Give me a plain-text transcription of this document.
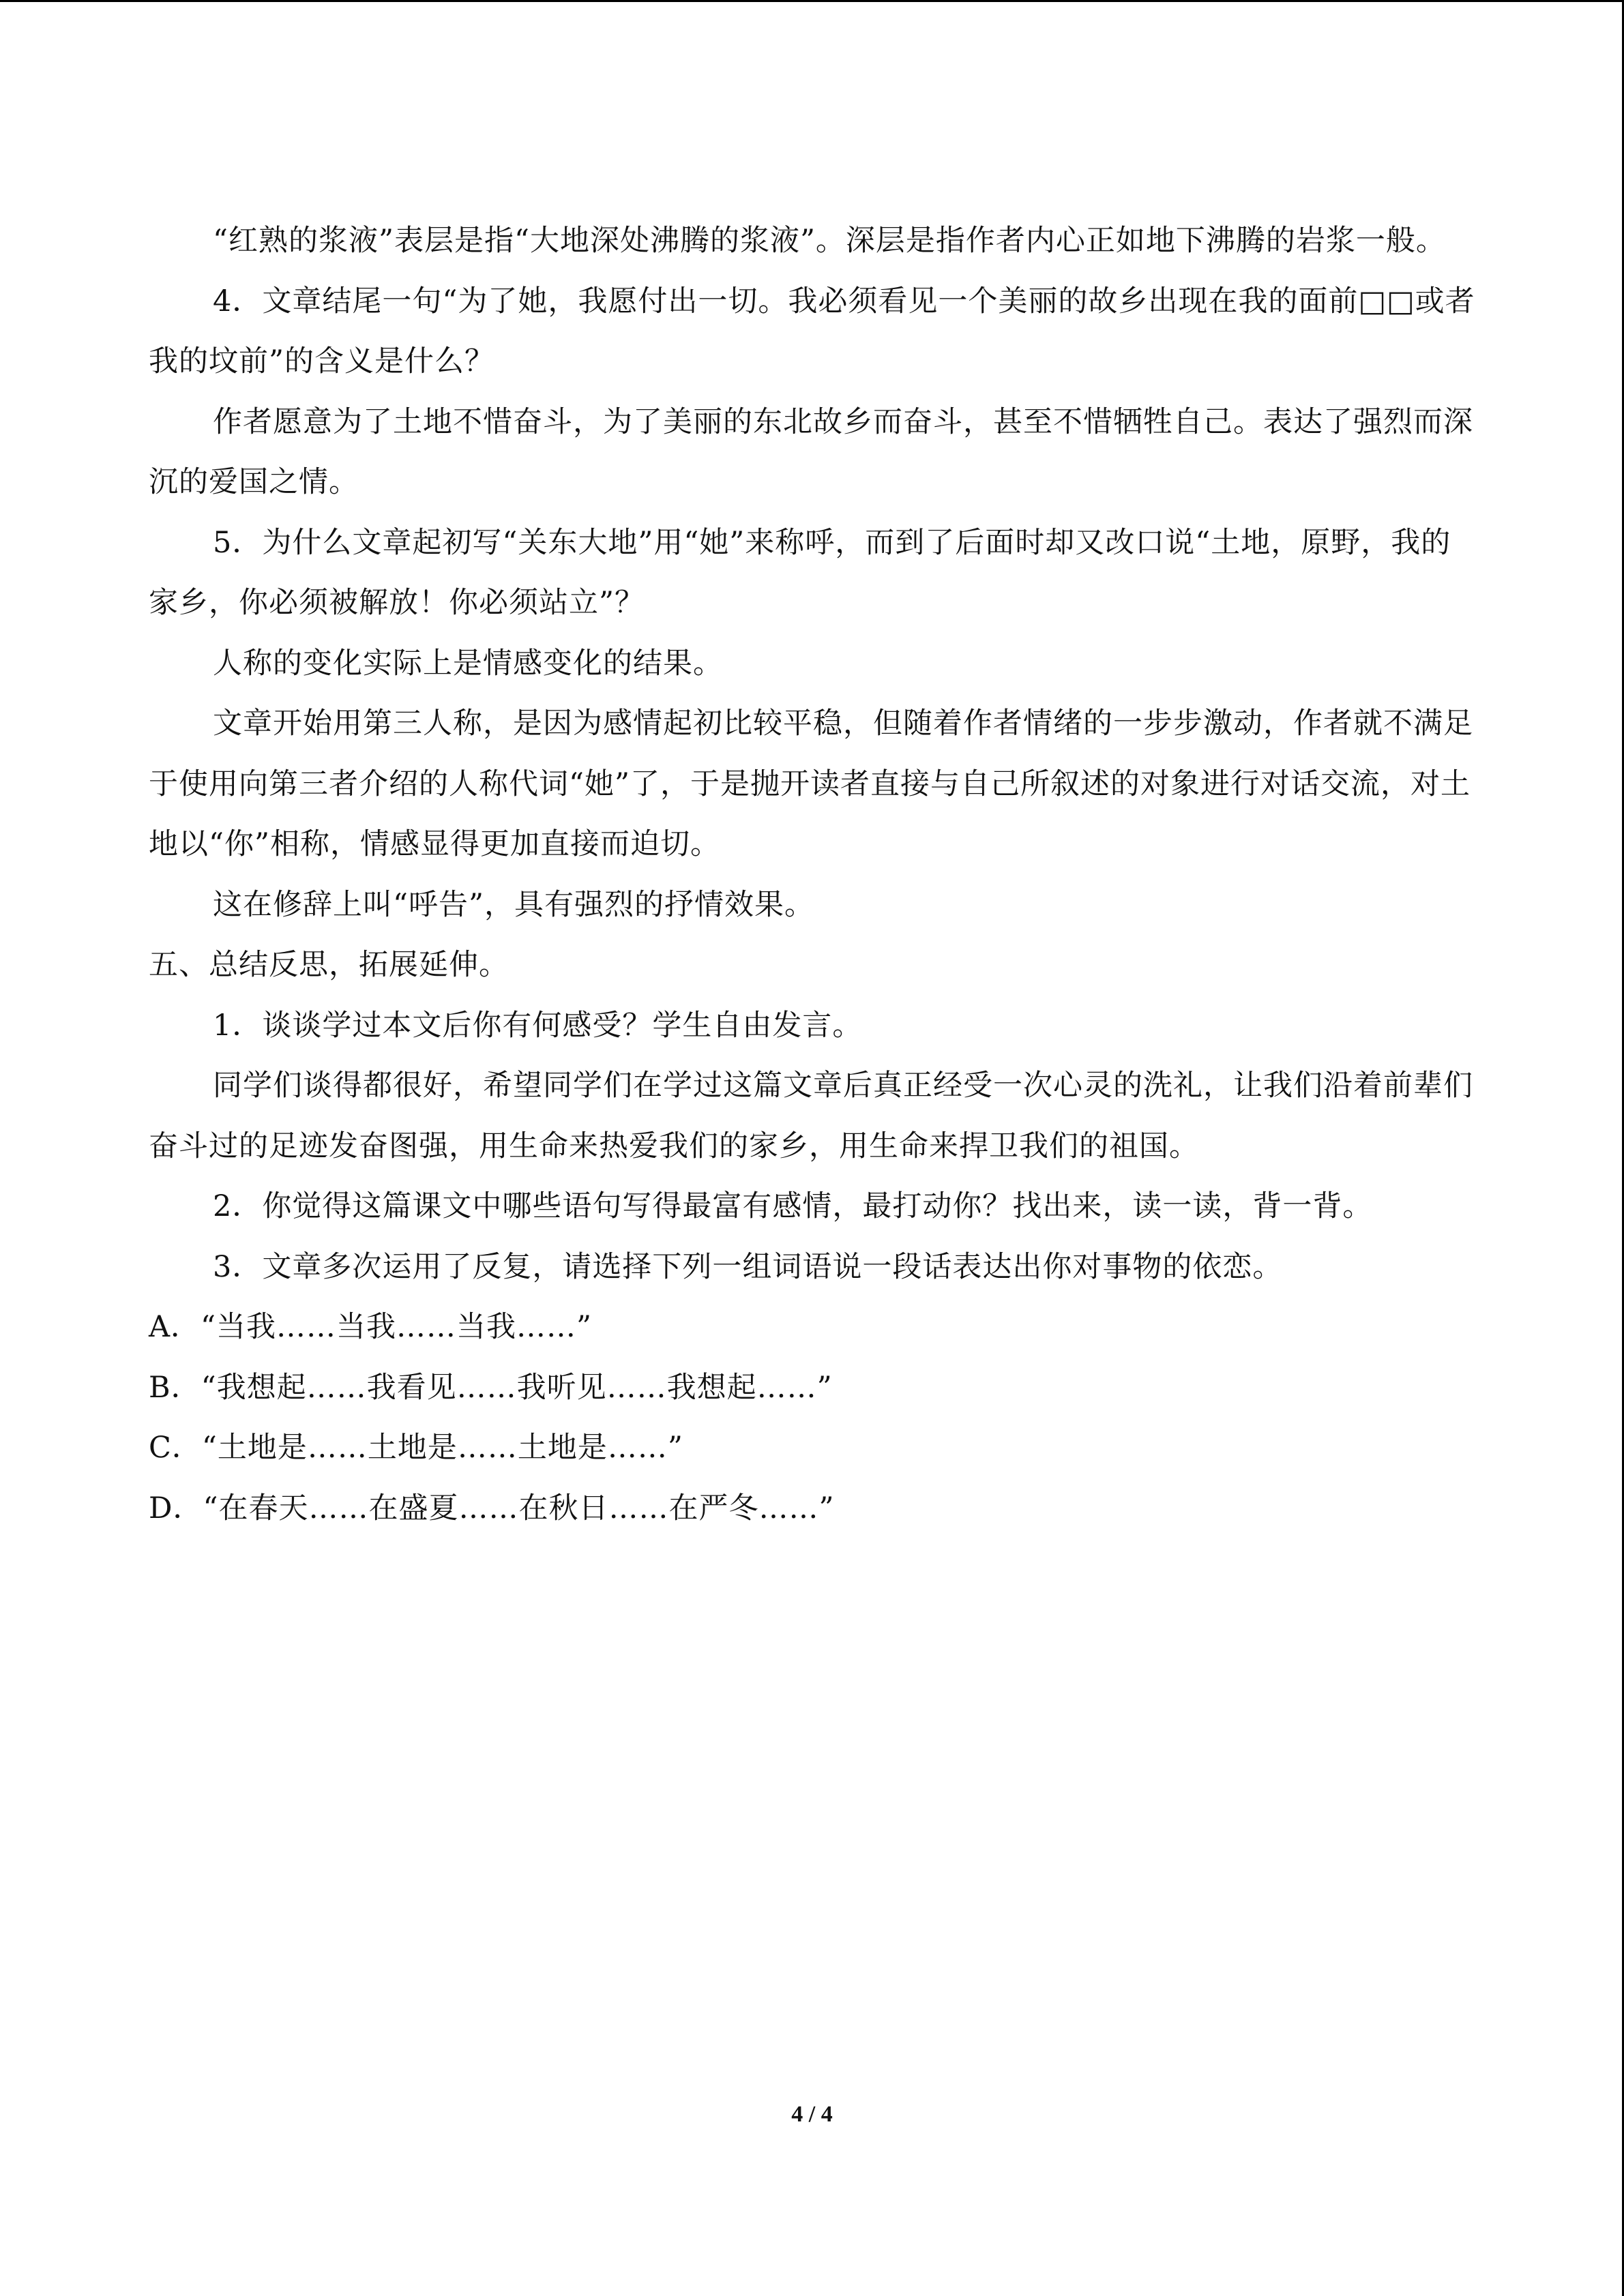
“红熟的浆液”表层是指“大地深处沸腾的浆液”。深层是指作者内心正如地下沸腾的岩浆一般。

4．文章结尾一句“为了她，我愿付出一切。我必须看见一个美丽的故乡出现在我的面前□□或者我的坟前”的含义是什么？

作者愿意为了土地不惜奋斗，为了美丽的东北故乡而奋斗，甚至不惜牺牲自己。表达了强烈而深沉的爱国之情。

5．为什么文章起初写“关东大地”用“她”来称呼，而到了后面时却又改口说“土地，原野，我的家乡，你必须被解放！你必须站立”？

人称的变化实际上是情感变化的结果。

文章开始用第三人称，是因为感情起初比较平稳，但随着作者情绪的一步步激动，作者就不满足于使用向第三者介绍的人称代词“她”了，于是抛开读者直接与自己所叙述的对象进行对话交流，对土地以“你”相称，情感显得更加直接而迫切。

这在修辞上叫“呼告”，具有强烈的抒情效果。

五、总结反思，拓展延伸。

1．谈谈学过本文后你有何感受？学生自由发言。

同学们谈得都很好，希望同学们在学过这篇文章后真正经受一次心灵的洗礼，让我们沿着前辈们奋斗过的足迹发奋图强，用生命来热爱我们的家乡，用生命来捍卫我们的祖国。

2．你觉得这篇课文中哪些语句写得最富有感情，最打动你？找出来，读一读，背一背。

3．文章多次运用了反复，请选择下列一组词语说一段话表达出你对事物的依恋。

A．“当我……当我……当我……”

B．“我想起……我看见……我听见……我想起……”

C．“土地是……土地是……土地是……”

D．“在春天……在盛夏……在秋日……在严冬……”

4 / 4
